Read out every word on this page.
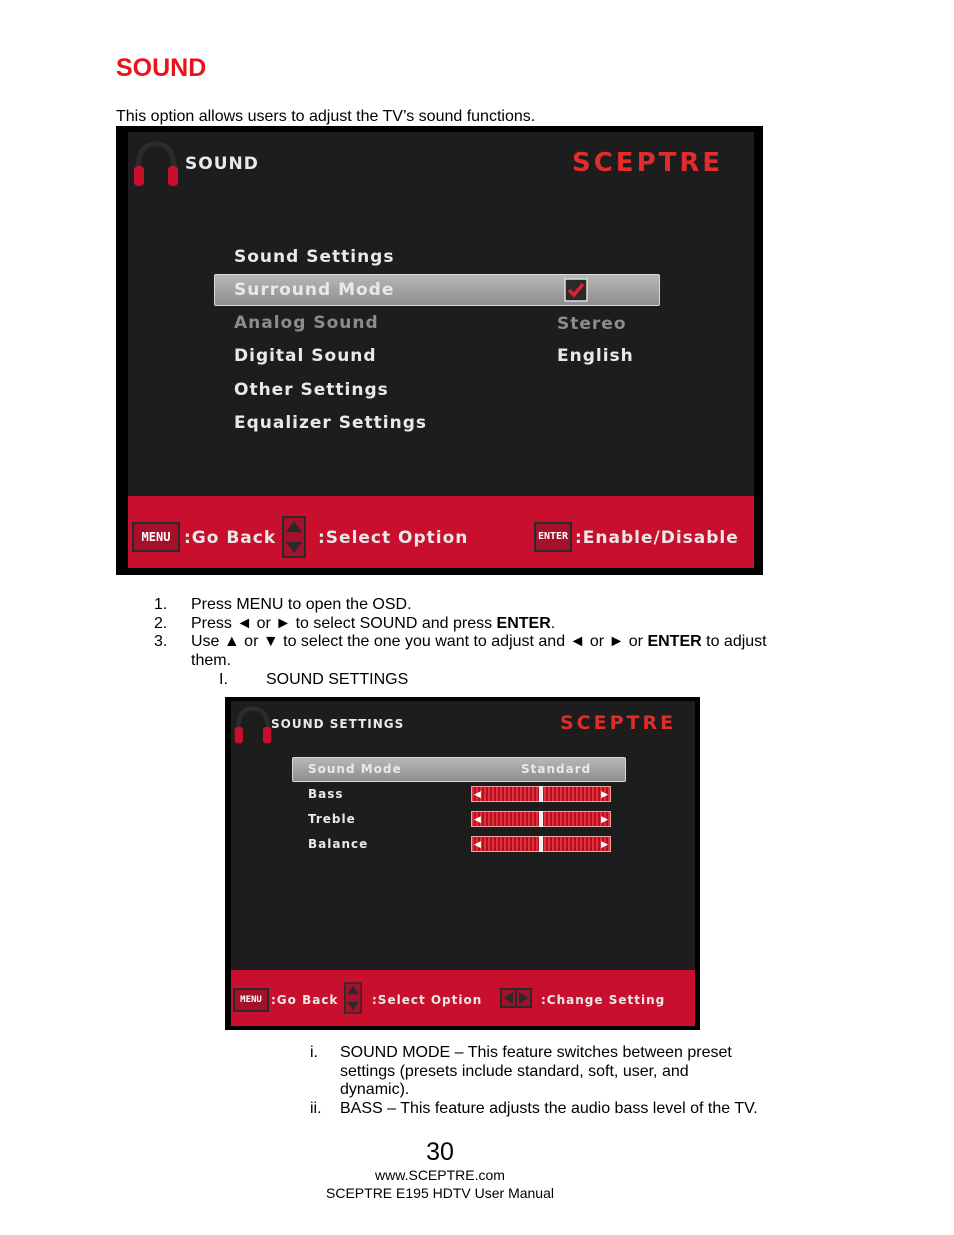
SOUND
This option allows users to adjust the TV’s sound functions.
SOUND	SCEPTRE
Sound Settings
Surround Mode
Analog Sound	Stereo
Digital Sound	English
Other Settings
Equalizer Settings
MENU :Go Back :Select Option	ENTER :Enable/Disable
1. Press MENU to open the OSD.
2. Press ◄ or ► to select SOUND and press ENTER.
3. Use ▲ or ▼ to select the one you want to adjust and ◄ or ► or ENTER to adjust them.
I. SOUND SETTINGS
SOUND SETTINGS	SCEPTRE
Sound Mode	Standard
Bass	◀	▶
Treble	◀	▶
Balance	◀	▶
MENU :Go Back	:Select Option	:Change Setting
i. SOUND MODE – This feature switches between preset settings (presets include standard, soft, user, and dynamic).
ii. BASS – This feature adjusts the audio bass level of the TV.
30
www.SCEPTRE.com
SCEPTRE E195 HDTV User Manual
